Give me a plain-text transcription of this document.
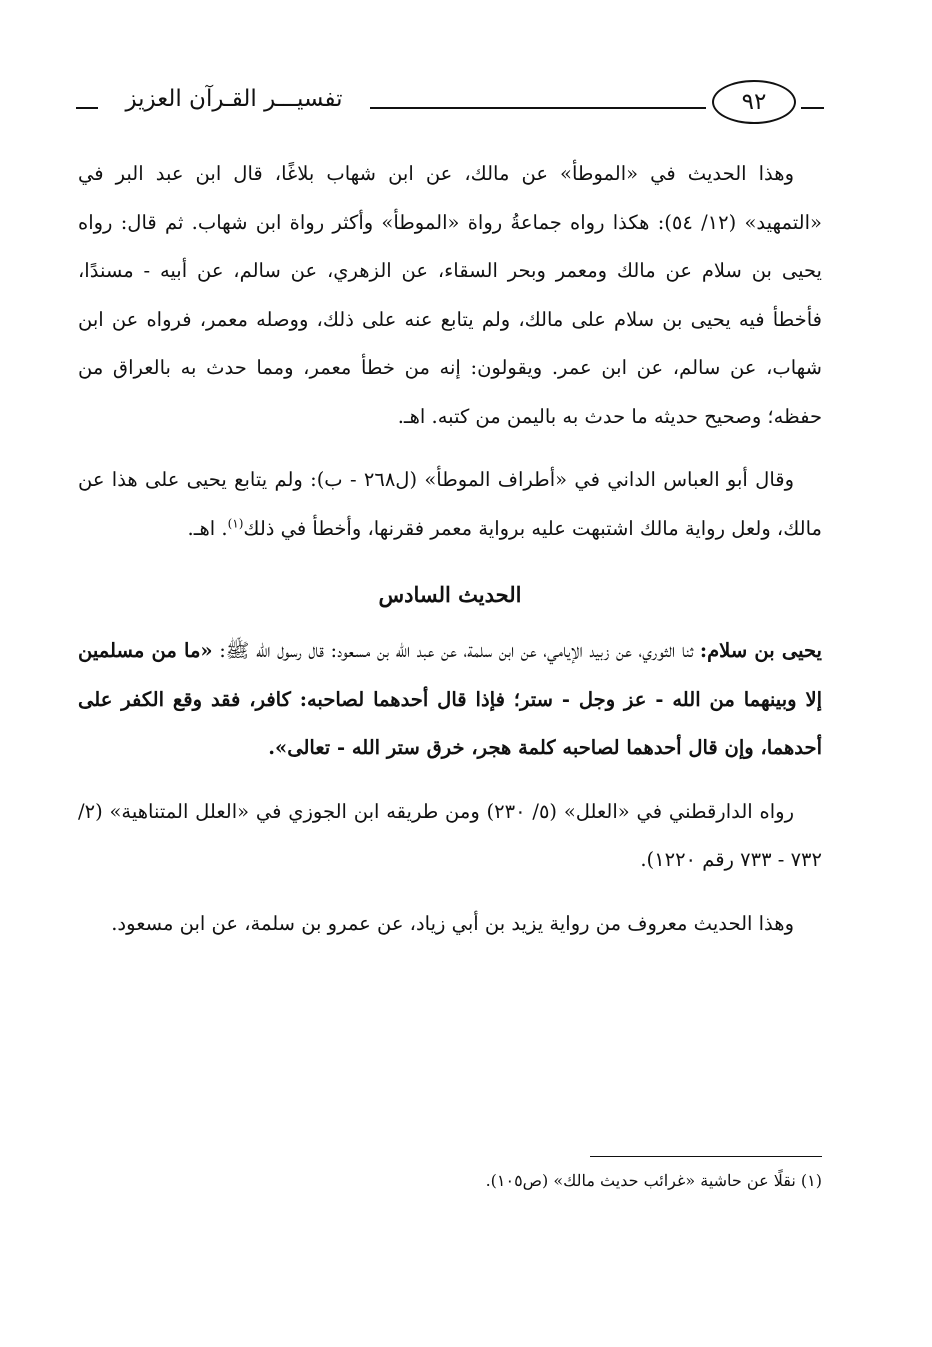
تفسيـــر القـرآن العزيز	٩٢

وهذا الحديث في «الموطأ» عن مالك، عن ابن شهاب بلاغًا، قال ابن عبد البر في «التمهيد» (١٢/ ٥٤): هكذا رواه جماعةُ رواة «الموطأ» وأكثر رواة ابن شهاب. ثم قال: رواه يحيى بن سلام عن مالك ومعمر وبحر السقاء، عن الزهري، عن سالم، عن أبيه - مسندًا، فأخطأ فيه يحيى بن سلام على مالك، ولم يتابع عنه على ذلك، ووصله معمر، فرواه عن ابن شهاب، عن سالم، عن ابن عمر. ويقولون: إنه من خطأ معمر، ومما حدث به بالعراق من حفظه؛ وصحيح حديثه ما حدث به باليمن من كتبه. اهـ.

وقال أبو العباس الداني في «أطراف الموطأ» (ل٢٦٨ - ب): ولم يتابع يحيى على هذا عن مالك، ولعل رواية مالك اشتبهت عليه برواية معمر فقرنها، وأخطأ في ذلك$^{(١)}$. اهـ.

الحديث السادس

يحيى بن سلام: ثنا الثوري، عن زبيد الإيامي، عن ابن سلمة، عن عبد الله بن مسعود: قال رسول الله ﷺ: «ما من مسلمين إلا وبينهما من الله - عز وجل - ستر؛ فإذا قال أحدهما لصاحبه: كافر، فقد وقع الكفر على أحدهما، وإن قال أحدهما لصاحبه كلمة هجر، خرق ستر الله - تعالى».

رواه الدارقطني في «العلل» (٥/ ٢٣٠) ومن طريقه ابن الجوزي في «العلل المتناهية» (٢/ ٧٣٢ - ٧٣٣ رقم ١٢٢٠).

وهذا الحديث معروف من رواية يزيد بن أبي زياد، عن عمرو بن سلمة، عن ابن مسعود.

(١) نقلًا عن حاشية «غرائب حديث مالك» (ص١٠٥).
